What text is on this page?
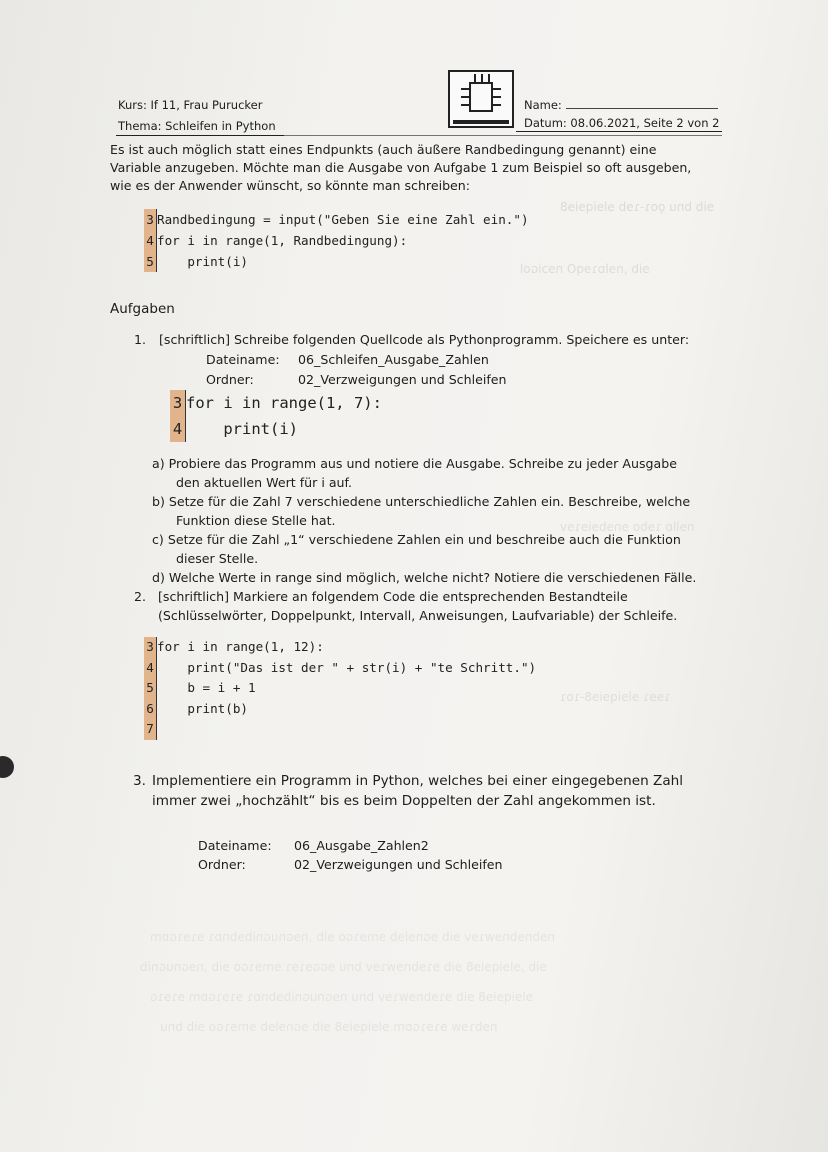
ɘib bnu ǫoɿ-ɿɘb ɘlɘiqɘiɘ8
ɘib ,nɘlɒɿɘqO nɘɔiɢol
nɘllɒ ɿɘbo ɘnɘbɘiɘɿɘv
ɿɘɘɿ ɘlɘiqɘiɘ8-ɿoɿ
nɘbnɘbnɘwɿɘv ɘib ɘɢnɘlɘb ɘmɘɿɢo ɘib ,nɘɢnuɢnibɘbnɒɿ ɘɿɘɿɢɒm
ɘib ,ɘlɘiqɘiɘ8 ɘib ɘɿɘbnɘwɿɘv bnu ɘɢɢɘɿɘɿ ɘmɘɿɢo ɘib ,nɘɢnuɢnib
ɘlɘiqɘiɘ8 ɘib ɘɿɘbnɘwɿɘv bnu nɘɢnuɢnibɘbnɒɿ ɘɿɘɿɢɒm ɘɿɘɿɢ
nɘbɿɘw ɘɿɘɿɢɒm ɘlɘiqɘiɘ8 ɘib ɘɢnɘlɘb ɘmɘɿɢo ɘib bnu
Kurs: If 11, Frau Purucker
Thema: Schleifen in Python
Name:
Datum: 08.06.2021, Seite 2 von 2
Es ist auch möglich statt eines Endpunkts (auch äußere Randbedingung genannt) eine
Variable anzugeben. Möchte man die Ausgabe von Aufgabe 1 zum Beispiel so oft ausgeben,
wie es der Anwender wünscht, so könnte man schreiben:
3 Randbedingung = input("Geben Sie eine Zahl ein.")
4 for i in range(1, Randbedingung):
5    print(i)
Aufgaben
1. [schriftlich] Schreibe folgenden Quellcode als Pythonprogramm. Speichere es unter:
Dateiname: 06_Schleifen_Ausgabe_Zahlen
Ordner:	02_Verzweigungen und Schleifen
3 for i in range(1, 7):
4    print(i)
a) Probiere das Programm aus und notiere die Ausgabe. Schreibe zu jeder Ausgabe
den aktuellen Wert für i auf.
b) Setze für die Zahl 7 verschiedene unterschiedliche Zahlen ein. Beschreibe, welche
Funktion diese Stelle hat.
c) Setze für die Zahl „1“ verschiedene Zahlen ein und beschreibe auch die Funktion
dieser Stelle.
d) Welche Werte in range sind möglich, welche nicht? Notiere die verschiedenen Fälle.
2. [schriftlich] Markiere an folgendem Code die entsprechenden Bestandteile
(Schlüsselwörter, Doppelpunkt, Intervall, Anweisungen, Laufvariable) der Schleife.
3 for i in range(1, 12):
4    print("Das ist der " + str(i) + "te Schritt.")
5    b = i + 1
6    print(b)
7
3. Implementiere ein Programm in Python, welches bei einer eingegebenen Zahl
immer zwei „hochzählt“ bis es beim Doppelten der Zahl angekommen ist.
Dateiname: 06_Ausgabe_Zahlen2
Ordner:	02_Verzweigungen und Schleifen
